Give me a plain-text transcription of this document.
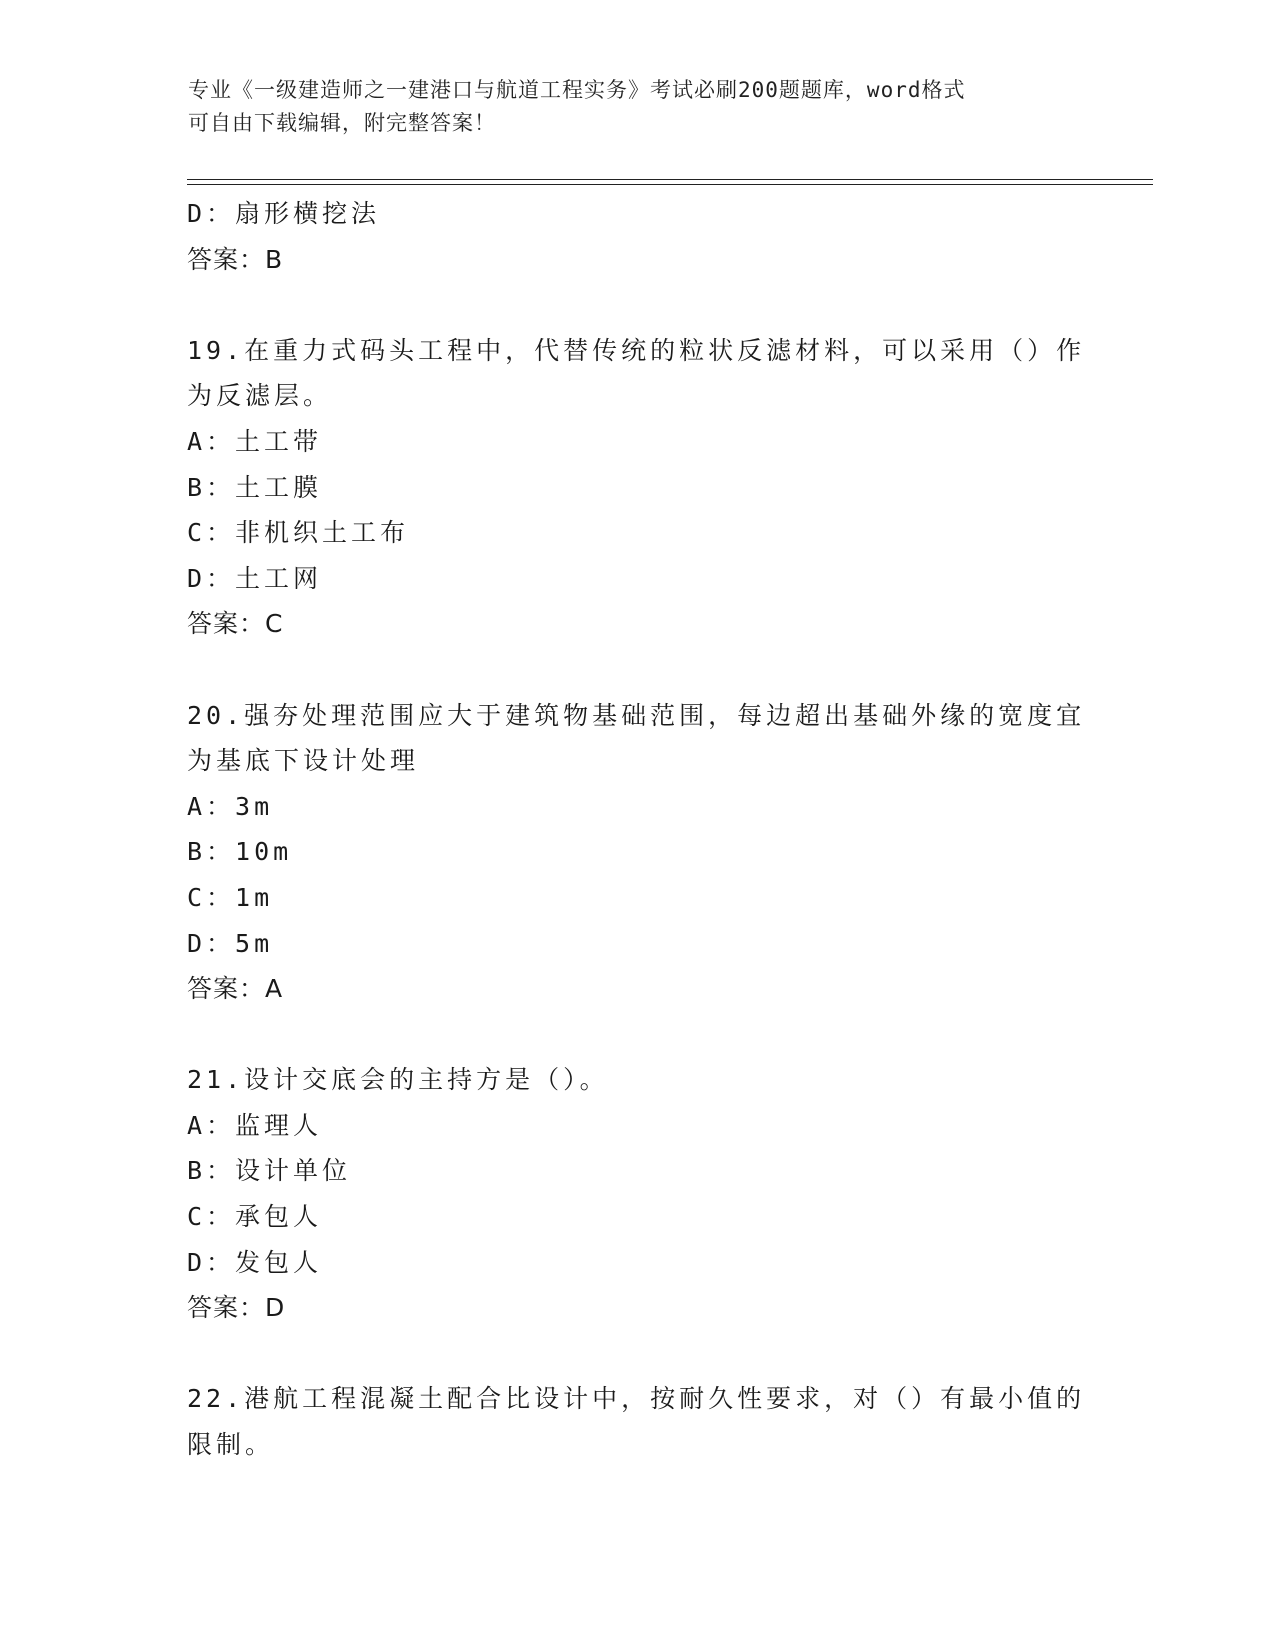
专业《一级建造师之一建港口与航道工程实务》考试必刷200题题库，word格式
可自由下载编辑，附完整答案！
D：扇形横挖法
答案：B
19.在重力式码头工程中，代替传统的粒状反滤材料，可以采用（）作
为反滤层。
A：土工带
B：土工膜
C：非机织土工布
D：土工网
答案：C
20.强夯处理范围应大于建筑物基础范围，每边超出基础外缘的宽度宜
为基底下设计处理
A：3m
B：10m
C：1m
D：5m
答案：A
21.设计交底会的主持方是（）。
A：监理人
B：设计单位
C：承包人
D：发包人
答案：D
22.港航工程混凝土配合比设计中，按耐久性要求，对（）有最小值的
限制。
